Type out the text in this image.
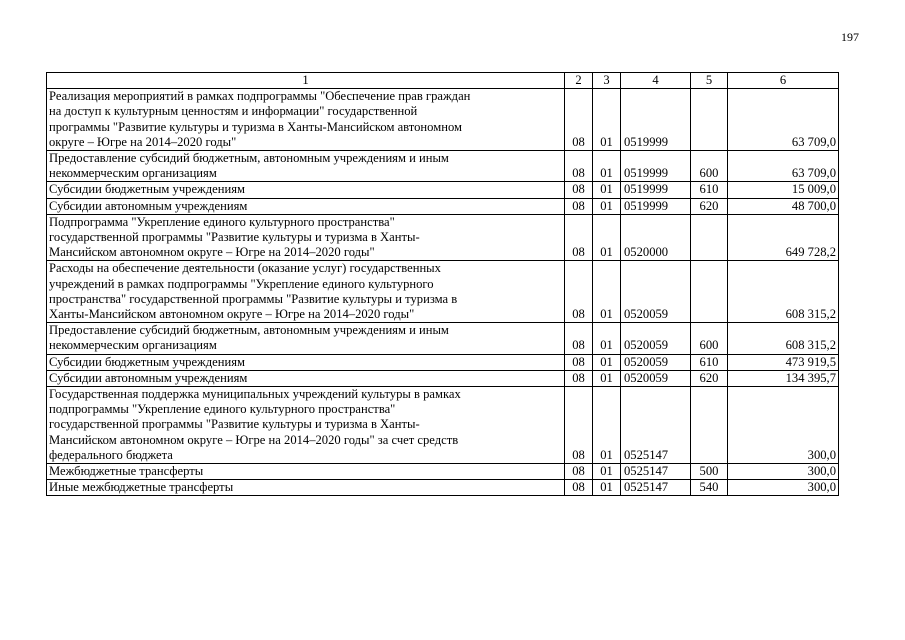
197
1	2	3	4	5	6

Реализация мероприятий в рамках подпрограммы "Обеспечение прав граждан
на доступ к культурным ценностям и информации" государственной
программы "Развитие культуры и туризма в Ханты-Мансийском автономном
округе – Югре на 2014–2020 годы"	08	01	0519999		63 709,0

Предоставление субсидий бюджетным, автономным учреждениям и иным
некоммерческим организациям	08	01	0519999	600	63 709,0

Субсидии бюджетным учреждениям	08	01	0519999	610	15 009,0

Субсидии автономным учреждениям	08	01	0519999	620	48 700,0

Подпрограмма "Укрепление единого культурного пространства"
государственной программы "Развитие культуры и туризма в Ханты-
Мансийском автономном округе – Югре на 2014–2020 годы"	08	01	0520000		649 728,2

Расходы на обеспечение деятельности (оказание услуг) государственных
учреждений в рамках подпрограммы "Укрепление единого культурного
пространства" государственной программы "Развитие культуры и туризма в
Ханты-Мансийском автономном округе – Югре на 2014–2020 годы"	08	01	0520059		608 315,2

Предоставление субсидий бюджетным, автономным учреждениям и иным
некоммерческим организациям	08	01	0520059	600	608 315,2

Субсидии бюджетным учреждениям	08	01	0520059	610	473 919,5

Субсидии автономным учреждениям	08	01	0520059	620	134 395,7

Государственная поддержка муниципальных учреждений культуры в рамках
подпрограммы "Укрепление единого культурного пространства"
государственной программы "Развитие культуры и туризма в Ханты-
Мансийском автономном округе – Югре на 2014–2020 годы" за счет средств
федерального бюджета	08	01	0525147		300,0

Межбюджетные трансферты	08	01	0525147	500	300,0

Иные межбюджетные трансферты	08	01	0525147	540	300,0
